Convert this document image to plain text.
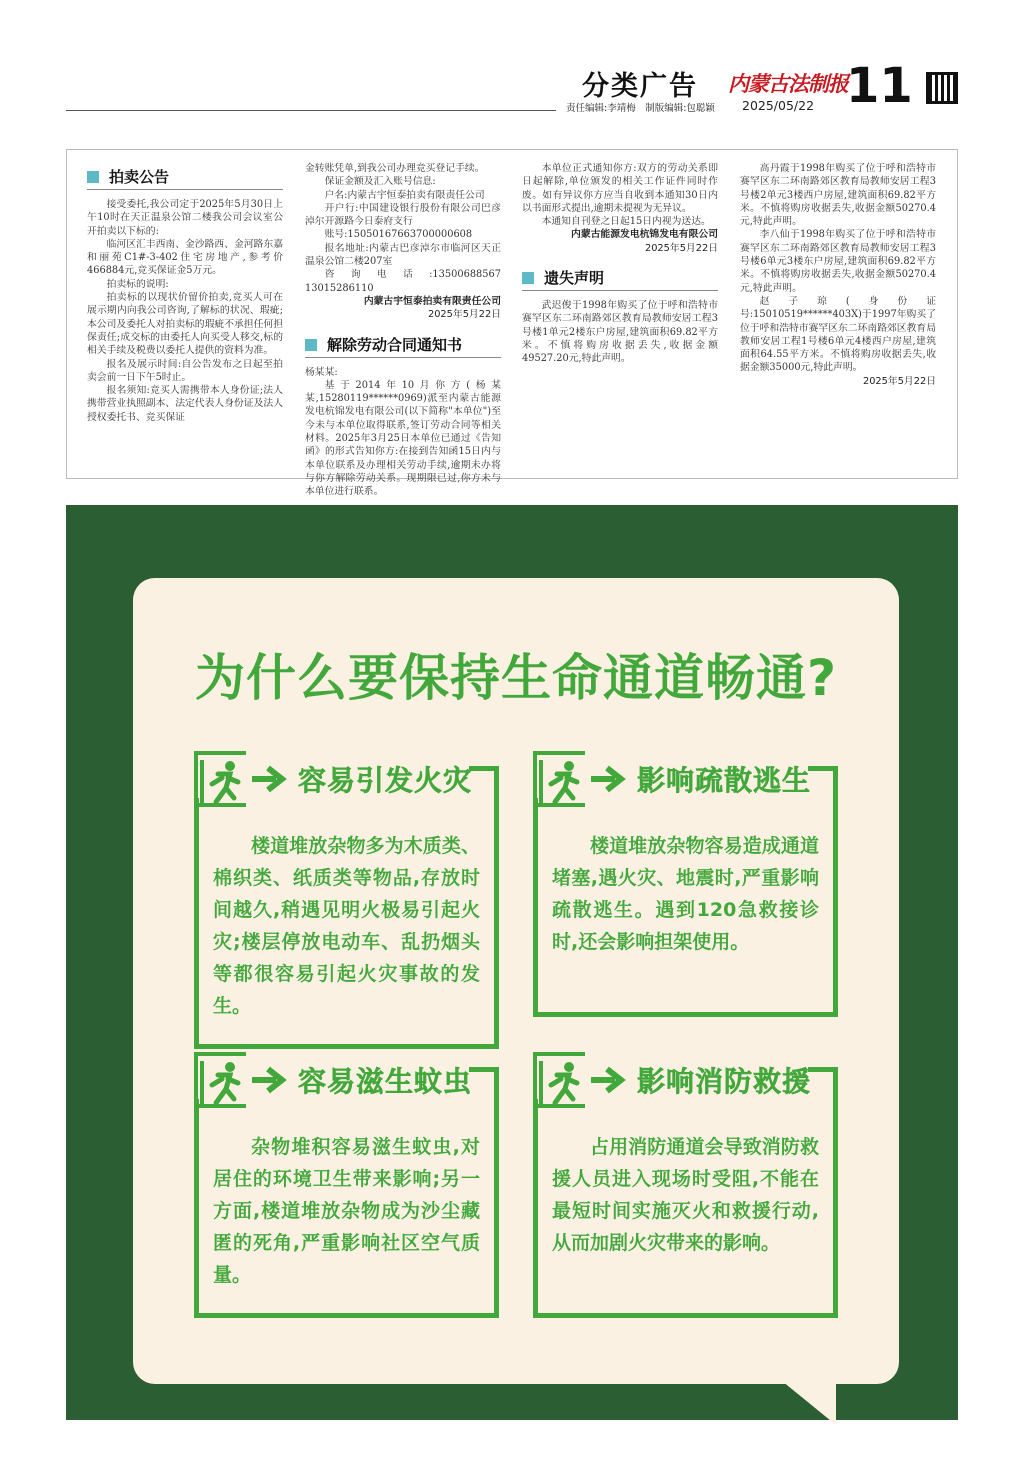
分类广告 内蒙古法制报
11
责任编辑:李靖梅　制版编辑:包聪颖 2025/05/22
拍卖公告

接受委托,我公司定于2025年5月30日上午10时在天正温泉公馆二楼我公司会议室公开拍卖以下标的:

临河区汇丰西南、金沙路西、金河路东嘉和丽苑C1#-3-402住宅房地产,参考价466884元,竞买保证金5万元。

拍卖标的说明:

拍卖标的以现状价留价拍卖,竞买人可在展示期内向我公司咨询,了解标的状况、瑕疵;本公司及委托人对拍卖标的瑕疵不承担任何担保责任;成交标的由委托人向买受人移交,标的相关手续及税费以委托人提供的资料为准。

报名及展示时间:自公告发布之日起至拍卖会前一日下午5时止。

报名须知:竞买人需携带本人身份证;法人携带营业执照副本、法定代表人身份证及法人授权委托书、竞买保证

金转账凭单,到我公司办理竞买登记手续。

保证金额及汇入账号信息:

户名:内蒙古宇恒泰拍卖有限责任公司

开户行:中国建设银行股份有限公司巴彦淖尔开源路今日泰府支行

账号:15050167663700000608

报名地址:内蒙古巴彦淖尔市临河区天正温泉公馆二楼207室

咨询电话:13500688567　13015286110

内蒙古宇恒泰拍卖有限责任公司

2025年5月22日

解除劳动合同通知书

杨某某:

基于2014年10月你方(杨某某,15280119******0969)派至内蒙古能源发电杭锦发电有限公司(以下简称"本单位")至今未与本单位取得联系,签订劳动合同等相关材料。2025年3月25日本单位已通过《告知函》的形式告知你方:在接到告知函15日内与本单位联系及办理相关劳动手续,逾期未办将与你方解除劳动关系。现期限已过,你方未与本单位进行联系。

本单位正式通知你方:双方的劳动关系即日起解除,单位颁发的相关工作证件同时作废。如有异议你方应当自收到本通知30日内以书面形式提出,逾期未提视为无异议。

本通知自刊登之日起15日内视为送达。

内蒙古能源发电杭锦发电有限公司

2025年5月22日

遗失声明

武迟俊于1998年购买了位于呼和浩特市赛罕区东二环南路郊区教育局教师安居工程3号楼1单元2楼东户房屋,建筑面积69.82平方米。不慎将购房收据丢失,收据金额49527.20元,特此声明。

高丹霞于1998年购买了位于呼和浩特市赛罕区东二环南路郊区教育局教师安居工程3号楼2单元3楼西户房屋,建筑面积69.82平方米。不慎将购房收据丢失,收据金额50270.4元,特此声明。

李八仙于1998年购买了位于呼和浩特市赛罕区东二环南路郊区教育局教师安居工程3号楼6单元3楼东户房屋,建筑面积69.82平方米。不慎将购房收据丢失,收据金额50270.4元,特此声明。

赵子琼(身份证号:15010519******403X)于1997年购买了位于呼和浩特市赛罕区东二环南路郊区教育局教师安居工程1号楼6单元4楼西户房屋,建筑面积64.55平方米。不慎将购房收据丢失,收据金额35000元,特此声明。

2025年5月22日

为什么要保持生命通道畅通?
容易引发火灾
楼道堆放杂物多为木质类、棉织类、纸质类等物品,存放时间越久,稍遇见明火极易引起火灾;楼层停放电动车、乱扔烟头等都很容易引起火灾事故的发生。
影响疏散逃生
楼道堆放杂物容易造成通道堵塞,遇火灾、地震时,严重影响疏散逃生。遇到120急救接诊时,还会影响担架使用。
容易滋生蚊虫
杂物堆积容易滋生蚊虫,对居住的环境卫生带来影响;另一方面,楼道堆放杂物成为沙尘藏匿的死角,严重影响社区空气质量。
影响消防救援
占用消防通道会导致消防救援人员进入现场时受阻,不能在最短时间实施灭火和救援行动,从而加剧火灾带来的影响。
